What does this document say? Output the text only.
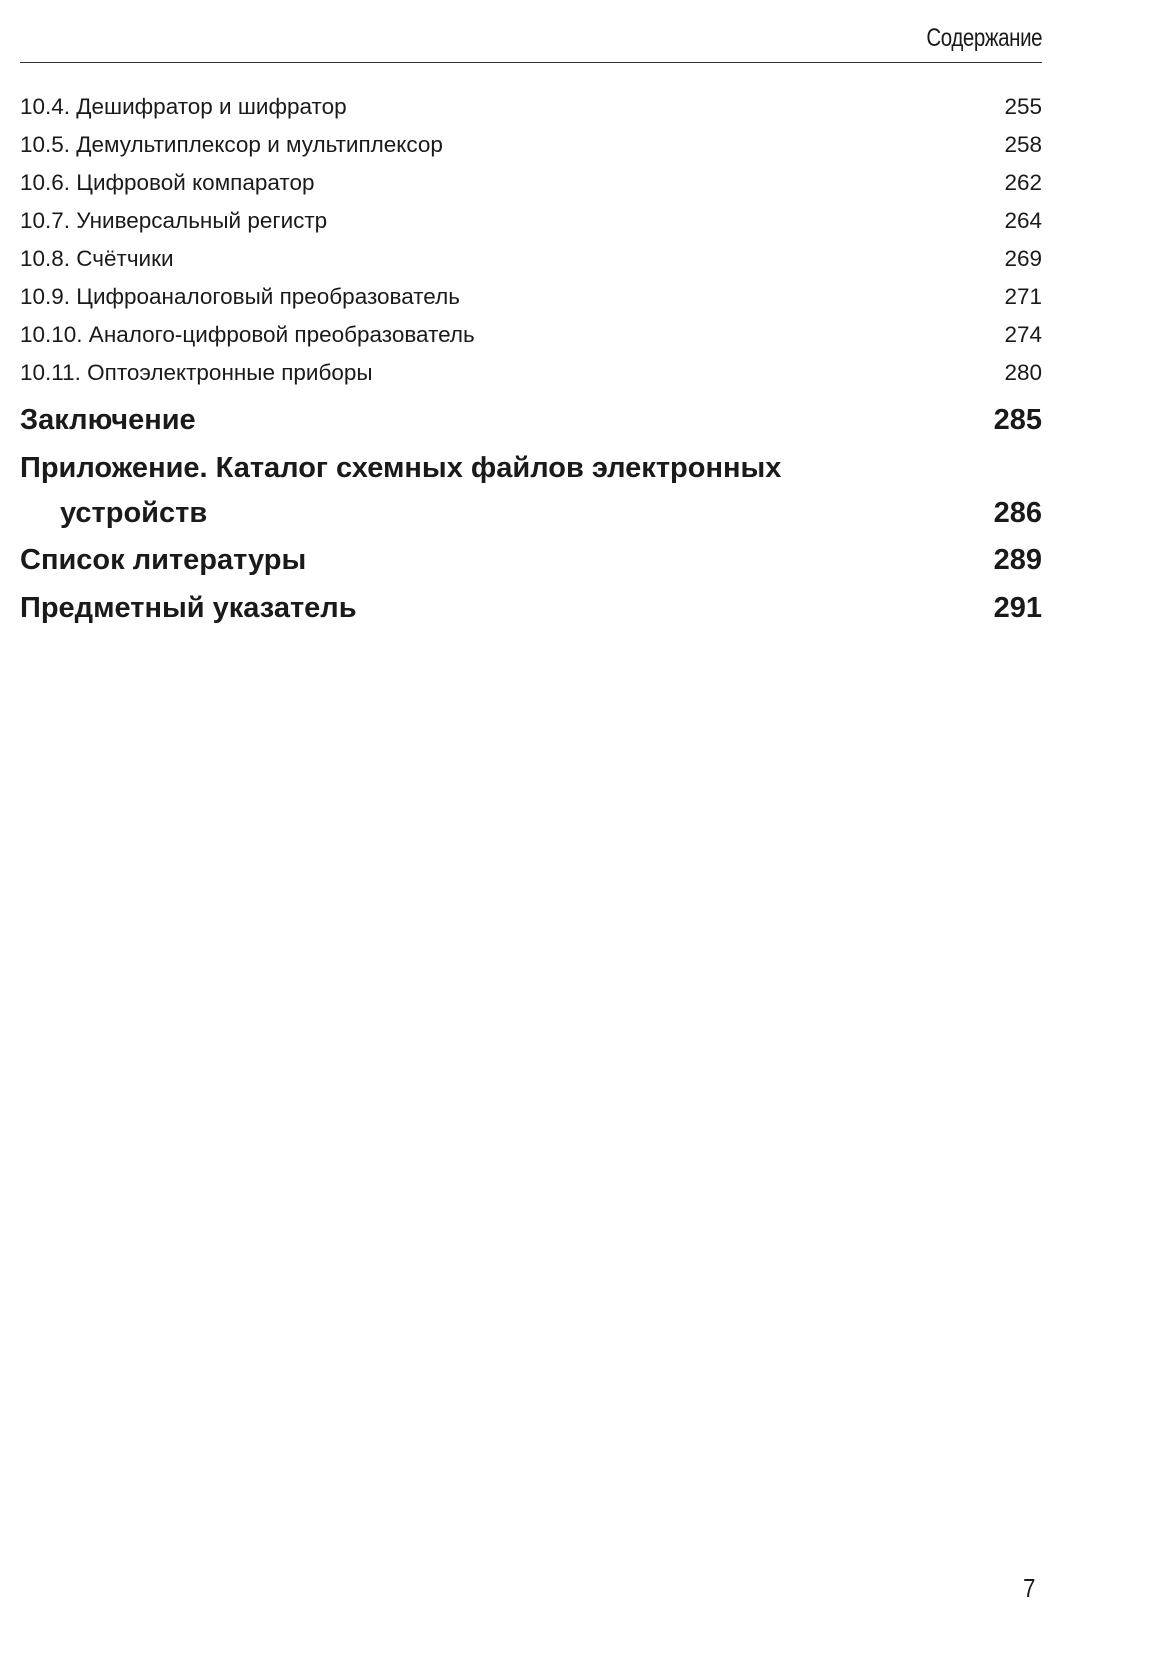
Содержание
10.4. Дешифратор и шифратор	255
10.5. Демультиплексор и мультиплексор	258
10.6. Цифровой компаратор	262
10.7. Универсальный регистр	264
10.8. Счётчики	269
10.9. Цифроаналоговый преобразователь	271
10.10. Аналого-цифровой преобразователь	274
10.11. Оптоэлектронные приборы	280
Заключение	285
Приложение. Каталог схемных файлов электронных
устройств	286
Список литературы	289
Предметный указатель	291
7
